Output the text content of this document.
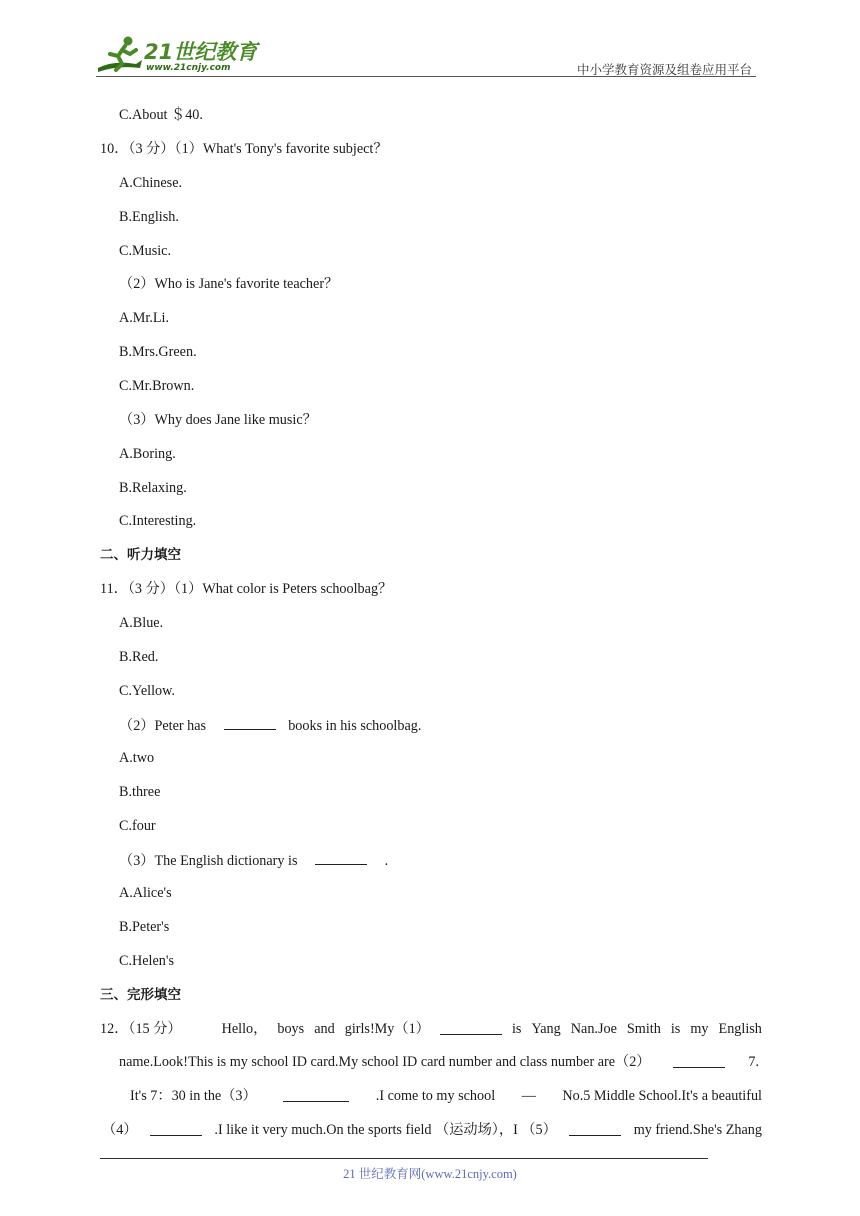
21世纪教育
www.21cnjy.com	中小学教育资源及组卷应用平台
C.About ＄40.
10．（3 分）（1）What's Tony's favorite subject？
A.Chinese.
B.English.
C.Music.
（2）Who is Jane's favorite teacher？
A.Mr.Li.
B.Mrs.Green.
C.Mr.Brown.
（3）Why does Jane like music？
A.Boring.
B.Relaxing.
C.Interesting.
二、听力填空
11．（3 分）（1）What color is Peters schoolbag？
A.Blue.
B.Red.
C.Yellow.
（2）Peter has	books in his schoolbag.
A.two
B.three
C.four
（3）The English dictionary is	.
A.Alice's
B.Peter's
C.Helen's
三、完形填空
12．（15 分）	Hello， boys and girls!My（1）	is Yang Nan.Joe Smith is my English
name.Look!This is my school ID card.My school ID card number and class number are（2）	7.
It's 7：30 in the（3）	.I come to my school — No.5 Middle School.It's a beautiful
（4）	.I like it very much.On the sports field （运动场），I （5）	my friend.She's Zhang
21 世纪教育网(www.21cnjy.com)
